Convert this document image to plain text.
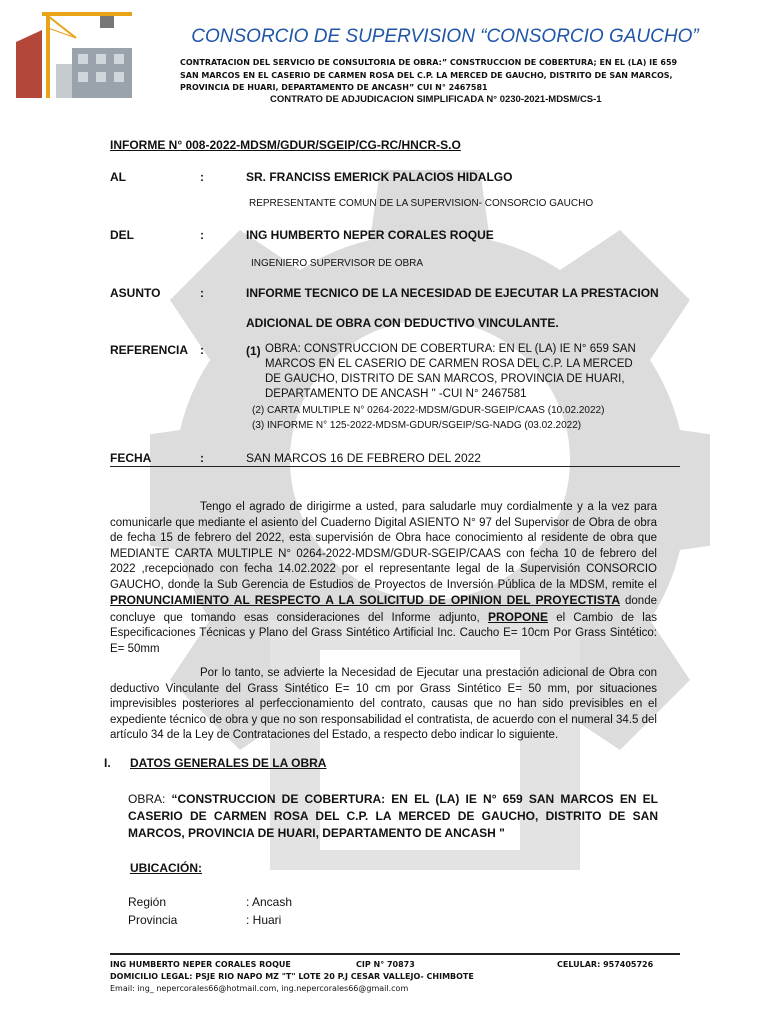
CONSORCIO DE SUPERVISION “CONSORCIO GAUCHO”
CONTRATACION DEL SERVICIO DE CONSULTORIA DE OBRA:” CONSTRUCCION DE COBERTURA; EN EL (LA) IE 659
SAN MARCOS EN EL CASERIO DE CARMEN ROSA DEL C.P. LA MERCED DE GAUCHO, DISTRITO DE SAN MARCOS,
PROVINCIA DE HUARI, DEPARTAMENTO DE ANCASH” CUI N° 2467581
CONTRATO DE ADJUDICACION SIMPLIFICADA N° 0230-2021-MDSM/CS-1
INFORME N° 008-2022-MDSM/GDUR/SGEIP/CG-RC/HNCR-S.O
AL	:	SR. FRANCISS EMERICK PALACIOS HIDALGO
REPRESENTANTE COMUN DE LA SUPERVISION- CONSORCIO GAUCHO
DEL	:	ING HUMBERTO NEPER CORALES ROQUE
INGENIERO SUPERVISOR DE OBRA
ASUNTO	:	INFORME TECNICO DE LA NECESIDAD DE EJECUTAR LA PRESTACION
ADICIONAL DE OBRA CON DEDUCTIVO VINCULANTE.
REFERENCIA :	(1) OBRA: CONSTRUCCION DE COBERTURA: EN EL (LA) IE N° 659 SAN
MARCOS EN EL CASERIO DE CARMEN ROSA DEL C.P. LA MERCED
DE GAUCHO, DISTRITO DE SAN MARCOS, PROVINCIA DE HUARI,
DEPARTAMENTO DE ANCASH " -CUI N° 2467581
(2) CARTA MULTIPLE N° 0264-2022-MDSM/GDUR-SGEIP/CAAS (10.02.2022)
(3) INFORME N° 125-2022-MDSM-GDUR/SGEIP/SG-NADG (03.02.2022)
FECHA	:	SAN MARCOS 16 DE FEBRERO DEL 2022
Tengo el agrado de dirigirme a usted, para saludarle muy cordialmente y a la vez para comunicarle que mediante el asiento del Cuaderno Digital ASIENTO N° 97 del Supervisor de Obra de obra de fecha 15 de febrero del 2022, esta supervisión de Obra hace conocimiento al residente de obra que MEDIANTE CARTA MULTIPLE N° 0264-2022-MDSM/GDUR-SGEIP/CAAS con fecha 10 de febrero del 2022 ,recepcionado con fecha 14.02.2022 por el representante legal de la Supervisión CONSORCIO GAUCHO, donde la Sub Gerencia de Estudios de Proyectos de Inversión Pública de la MDSM, remite el PRONUNCIAMIENTO AL RESPECTO A LA SOLICITUD DE OPINION DEL PROYECTISTA donde concluye que tomando esas consideraciones del Informe adjunto, PROPONE el Cambio de las Especificaciones Técnicas y Plano del Grass Sintético Artificial Inc. Caucho E= 10cm Por Grass Sintético: E= 50mm
Por lo tanto, se advierte la Necesidad de Ejecutar una prestación adicional de Obra con deductivo Vinculante del Grass Sintético E= 10 cm por Grass Sintético E= 50 mm, por situaciones imprevisibles posteriores al perfeccionamiento del contrato, causas que no han sido previsibles en el expediente técnico de obra y que no son responsabilidad el contratista, de acuerdo con el numeral 34.5 del artículo 34 de la Ley de Contrataciones del Estado, a respecto debo indicar lo siguiente.
I. DATOS GENERALES DE LA OBRA
OBRA: “CONSTRUCCION DE COBERTURA: EN EL (LA) IE N° 659 SAN MARCOS EN EL CASERIO DE CARMEN ROSA DEL C.P. LA MERCED DE GAUCHO, DISTRITO DE SAN MARCOS, PROVINCIA DE HUARI, DEPARTAMENTO DE ANCASH "
UBICACIÓN:
Región	: Ancash
Provincia	: Huari
ING HUMBERTO NEPER CORALES ROQUE	CIP N° 70873	CELULAR: 957405726
DOMICILIO LEGAL: PSJE RIO NAPO MZ "T" LOTE 20 P.J CESAR VALLEJO- CHIMBOTE
Email: ing_ nepercorales66@hotmail.com, ing.nepercorales66@gmail.com
